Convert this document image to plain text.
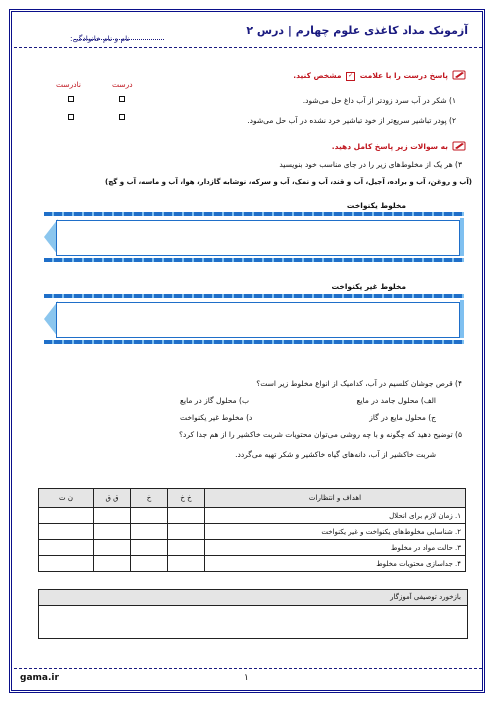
آزمونک مداد کاغذی علوم چهارم | درس ۲
نام و نام خانوادگی:
پاسخ درست را با علامت ✓ مشخص کنید.
درست
نادرست
۱) شکر در آب سرد زودتر از آب داغ حل می‌شود.
۲) پودر تباشیر سریع‌تر از خود تباشیر خرد نشده در آب حل می‌شود.
به سوالات زیر پاسخ کامل دهید.
۳) هر یک از مخلوط‌های زیر را در جای مناسب خود بنویسید
(آب و روغن، آب و براده، آجیل، آب و قند، آب و نمک، آب و سرکه، نوشابه گازدار، هوا، آب و ماسه، آب و گچ)
مخلوط یکنواخت
مخلوط غیر یکنواخت
۴) قرص جوشان کلسیم در آب، کدامیک از انواع مخلوط زیر است؟
الف) محلول جامد در مایع
ب) محلول گاز در مایع
ج) محلول مایع در گاز
د) مخلوط غیر یکنواخت
۵) توضیح دهید که چگونه و با چه روشی می‌توان محتویات شربت خاکشیر را از هم جدا کرد؟
شربت خاکشیر از آب، دانه‌های گیاه خاکشیر و شکر تهیه می‌گردد.
اهداف و انتظارات	خ خ	خ	ق ق	ن ت
۱. زمان لازم برای انحلال				
۲. شناسایی مخلوط‌های یکنواخت و غیر یکنواخت				
۳. حالت مواد در مخلوط				
۴. جداسازی محتویات مخلوط				
بازخورد توصیفی آموزگار
gama.ir	۱
